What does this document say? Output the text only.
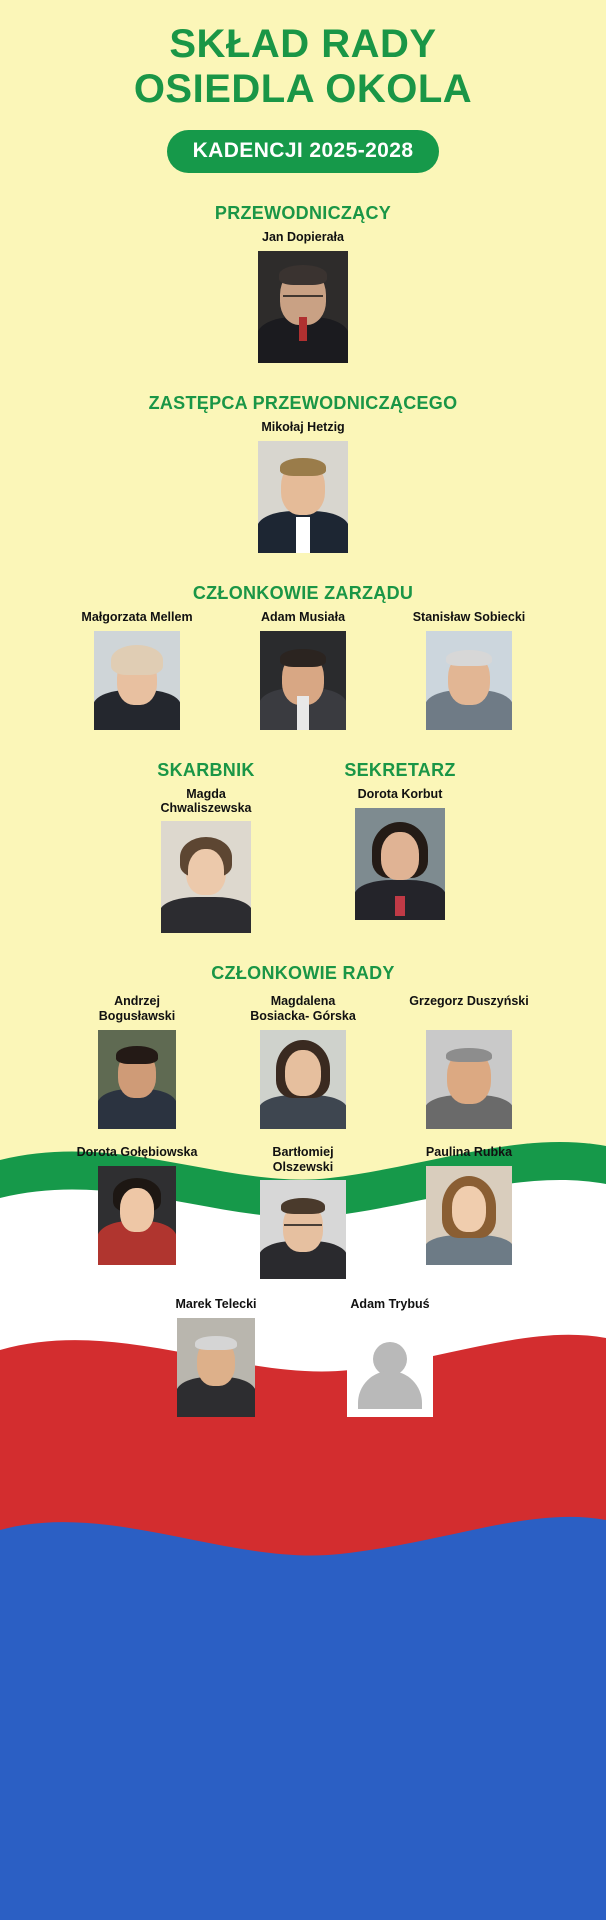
SKŁAD RADY
OSIEDLA OKOLA
KADENCJI 2025-2028
PRZEWODNICZĄCY
Jan Dopierała
ZASTĘPCA PRZEWODNICZĄCEGO
Mikołaj Hetzig
CZŁONKOWIE ZARZĄDU
Małgorzata Mellem	Adam Musiała	Stanisław Sobiecki
SKARBNIK
Magda Chwaliszewska
SEKRETARZ
Dorota Korbut
CZŁONKOWIE RADY
Andrzej Bogusławski
Magdalena Bosiacka- Górska
Grzegorz Duszyński
Dorota Gołębiowska	Bartłomiej Olszewski
Paulina Rubka
Marek Telecki	Adam Trybuś
